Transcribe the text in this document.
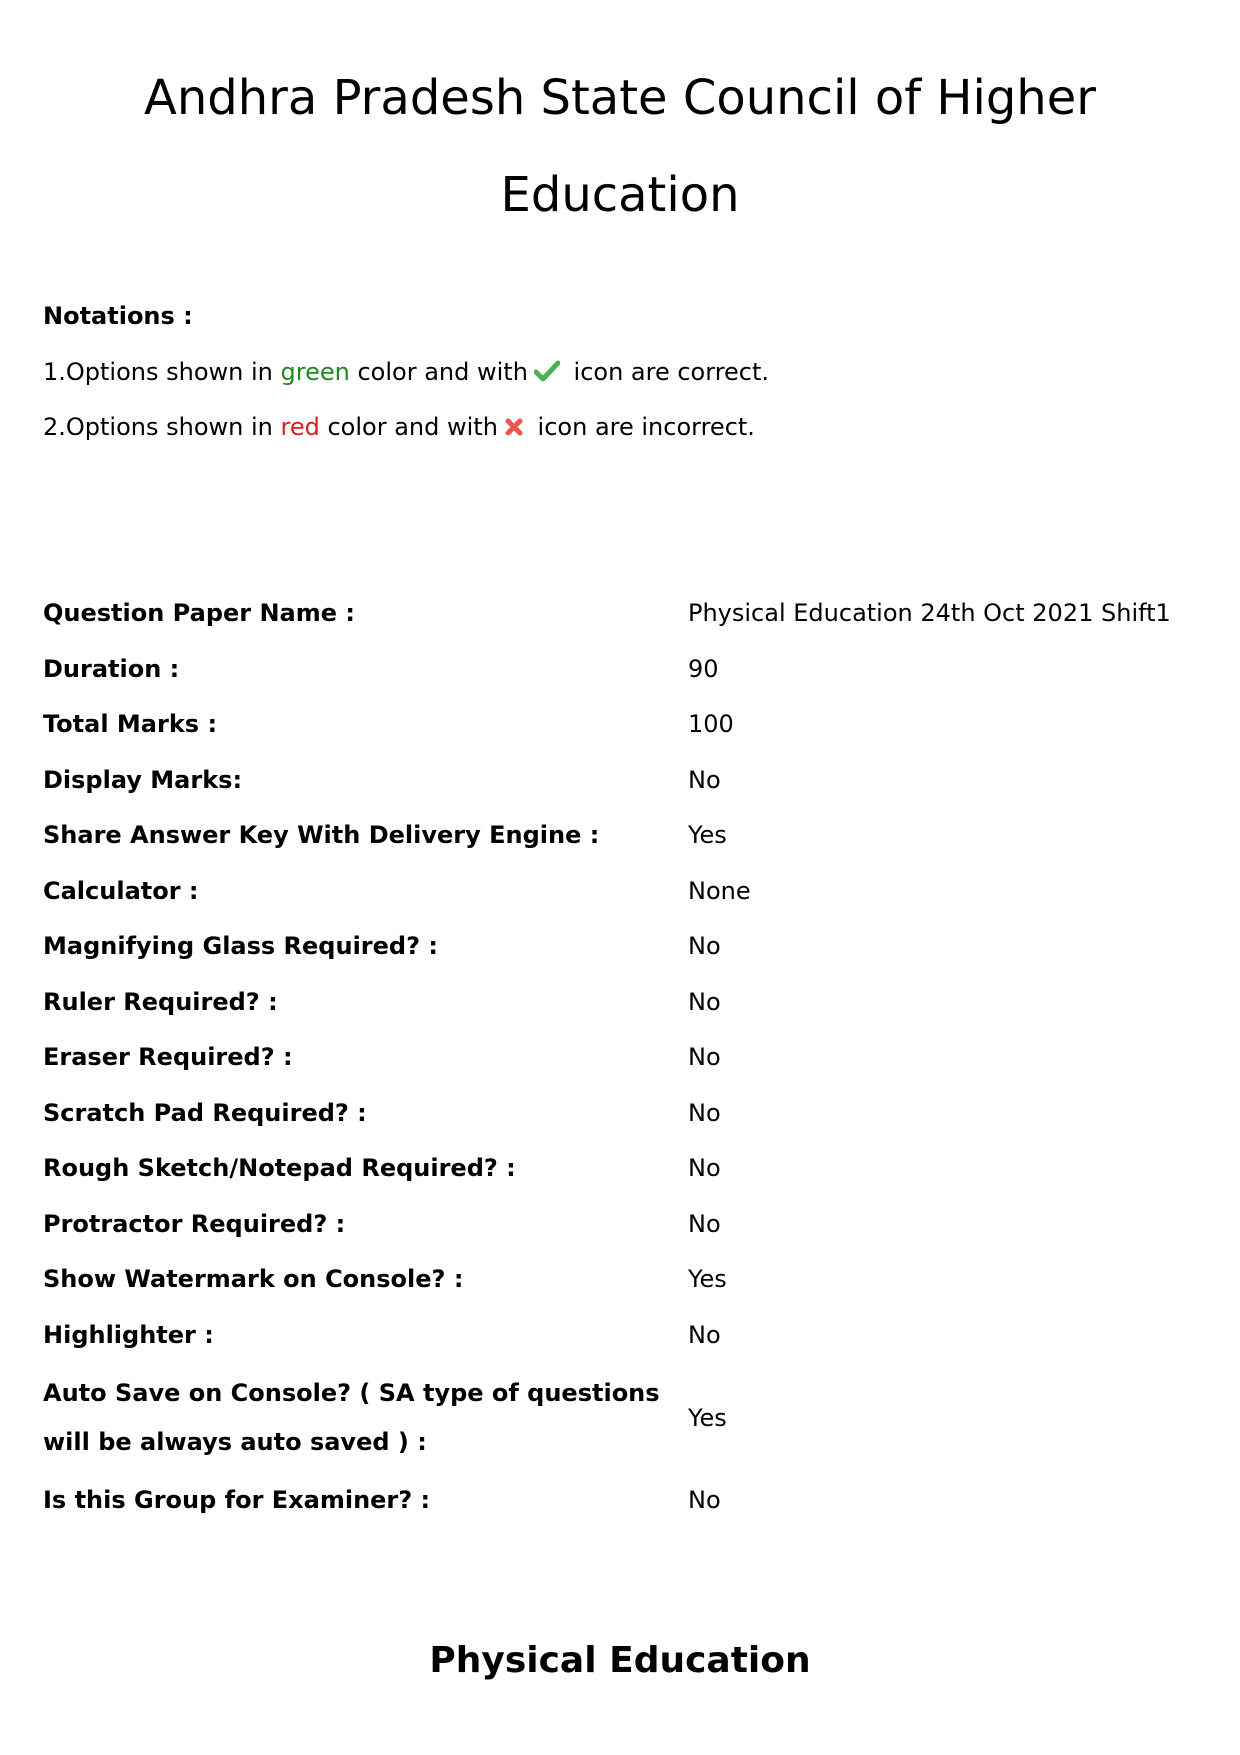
Andhra Pradesh State Council of Higher
Education

Notations :

1.Options shown in green color and with icon are correct.

2.Options shown in red color and with icon are incorrect.

Question Paper Name :	Physical Education 24th Oct 2021 Shift1
Duration :	90
Total Marks :	100
Display Marks:	No
Share Answer Key With Delivery Engine :	Yes
Calculator :	None
Magnifying Glass Required? :	No
Ruler Required? :	No
Eraser Required? :	No
Scratch Pad Required? :	No
Rough Sketch/Notepad Required? :	No
Protractor Required? :	No
Show Watermark on Console? :	Yes
Highlighter :	No
Auto Save on Console? ( SA type of questions will be always auto saved ) :	Yes
Is this Group for Examiner? :	No
Physical Education
